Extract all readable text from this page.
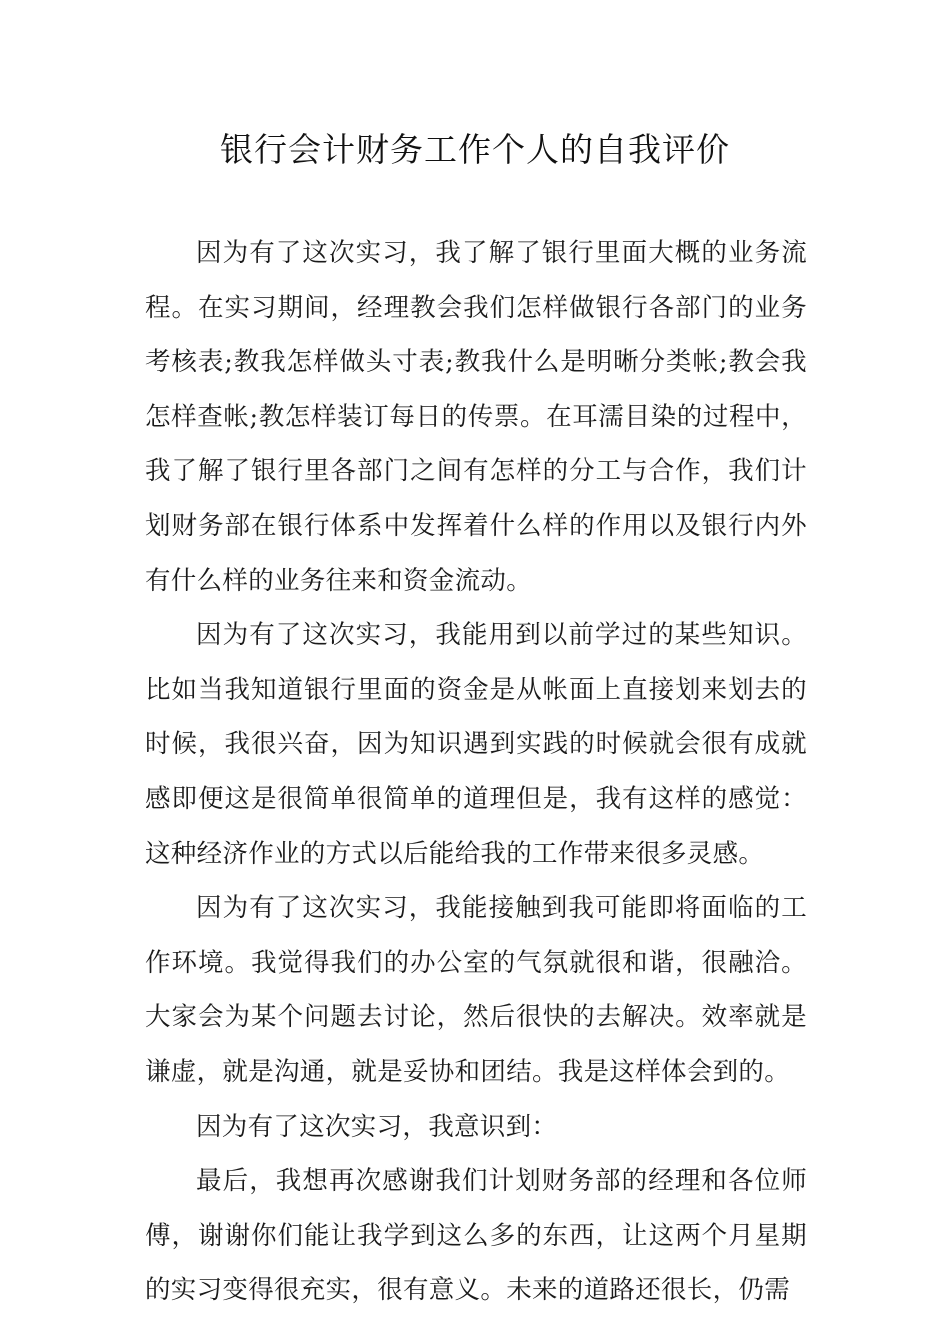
银行会计财务工作个人的自我评价

因为有了这次实习，我了解了银行里面大概的业务流程。在实习期间，经理教会我们怎样做银行各部门的业务考核表;教我怎样做头寸表;教我什么是明晰分类帐;教会我怎样查帐;教怎样装订每日的传票。在耳濡目染的过程中，我了解了银行里各部门之间有怎样的分工与合作，我们计划财务部在银行体系中发挥着什么样的作用以及银行内外有什么样的业务往来和资金流动。

因为有了这次实习，我能用到以前学过的某些知识。比如当我知道银行里面的资金是从帐面上直接划来划去的时候，我很兴奋，因为知识遇到实践的时候就会很有成就感即便这是很简单很简单的道理但是，我有这样的感觉：这种经济作业的方式以后能给我的工作带来很多灵感。

因为有了这次实习，我能接触到我可能即将面临的工作环境。我觉得我们的办公室的气氛就很和谐，很融洽。大家会为某个问题去讨论，然后很快的去解决。效率就是谦虚，就是沟通，就是妥协和团结。我是这样体会到的。

因为有了这次实习，我意识到：

最后，我想再次感谢我们计划财务部的经理和各位师傅，谢谢你们能让我学到这么多的东西，让这两个月星期的实习变得很充实，很有意义。未来的道路还很长，仍需
